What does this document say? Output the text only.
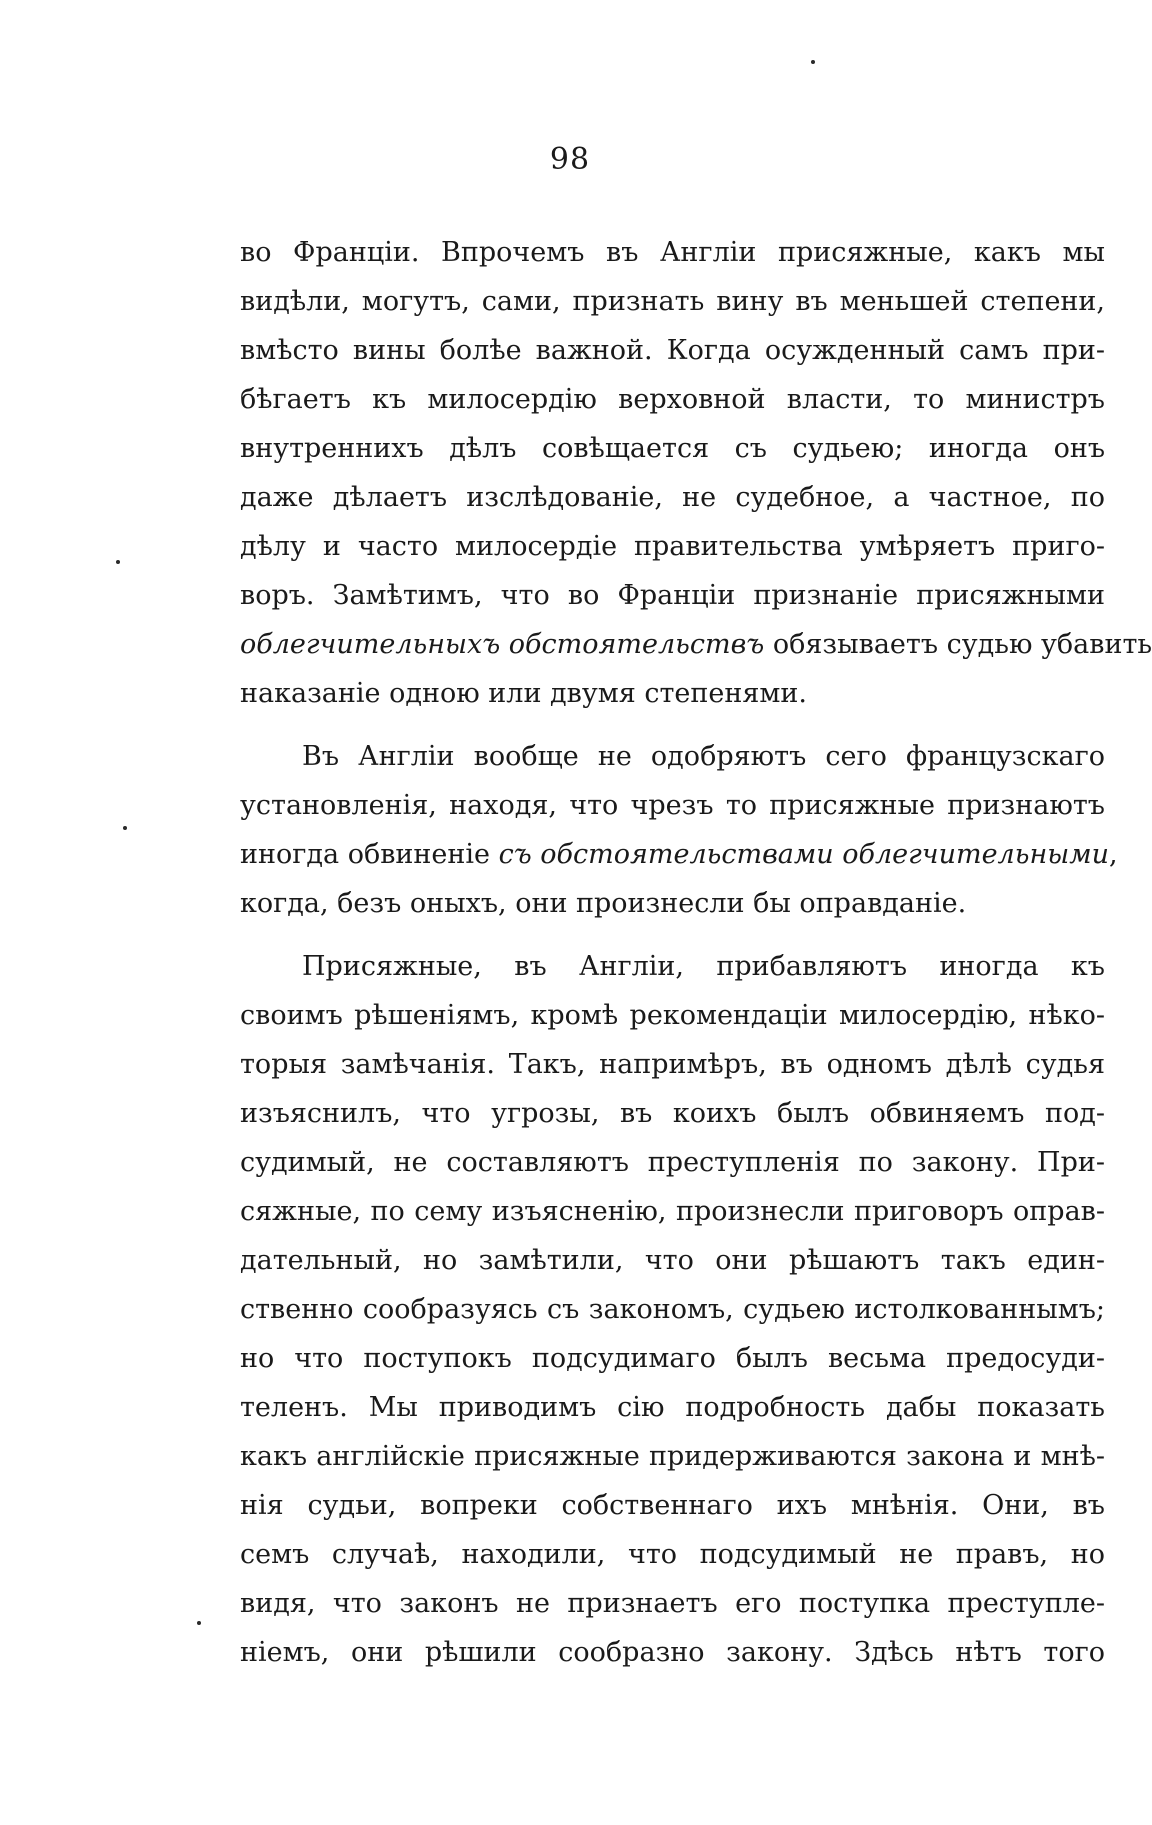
98
во Франціи. Впрочемъ въ Англіи присяжные, какъ мы
видѣли, могутъ, сами, признать вину въ меньшей степени,
вмѣсто вины болѣе важной. Когда осужденный самъ при-
бѣгаетъ къ милосердію верховной власти, то министръ
внутреннихъ дѣлъ совѣщается съ судьею; иногда онъ
даже дѣлаетъ изслѣдованіе, не судебное, а частное, по
дѣлу и часто милосердіе правительства умѣряетъ приго-
воръ. Замѣтимъ, что во Франціи признаніе присяжными
облегчительныхъ обстоятельствъ обязываетъ судью убавить
наказаніе одною или двумя степенями.
Въ Англіи вообще не одобряютъ сего французскаго
установленія, находя, что чрезъ то присяжные признаютъ
иногда обвиненіе съ обстоятельствами облегчительными,
когда, безъ оныхъ, они произнесли бы оправданіе.
Присяжные, въ Англіи, прибавляютъ иногда къ
своимъ рѣшеніямъ, кромѣ рекомендаціи милосердію, нѣко-
торыя замѣчанія. Такъ, напримѣръ, въ одномъ дѣлѣ судья
изъяснилъ, что угрозы, въ коихъ былъ обвиняемъ под-
судимый, не составляютъ преступленія по закону. При-
сяжные, по сему изъясненію, произнесли приговоръ оправ-
дательный, но замѣтили, что они рѣшаютъ такъ един-
ственно сообразуясь съ закономъ, судьею истолкованнымъ;
но что поступокъ подсудимаго былъ весьма предосуди-
теленъ. Мы приводимъ сію подробность дабы показать
какъ англійскіе присяжные придерживаются закона и мнѣ-
нія судьи, вопреки собственнаго ихъ мнѣнія. Они, въ
семъ случаѣ, находили, что подсудимый не правъ, но
видя, что законъ не признаетъ его поступка преступле-
ніемъ, они рѣшили сообразно закону. Здѣсь нѣтъ того
